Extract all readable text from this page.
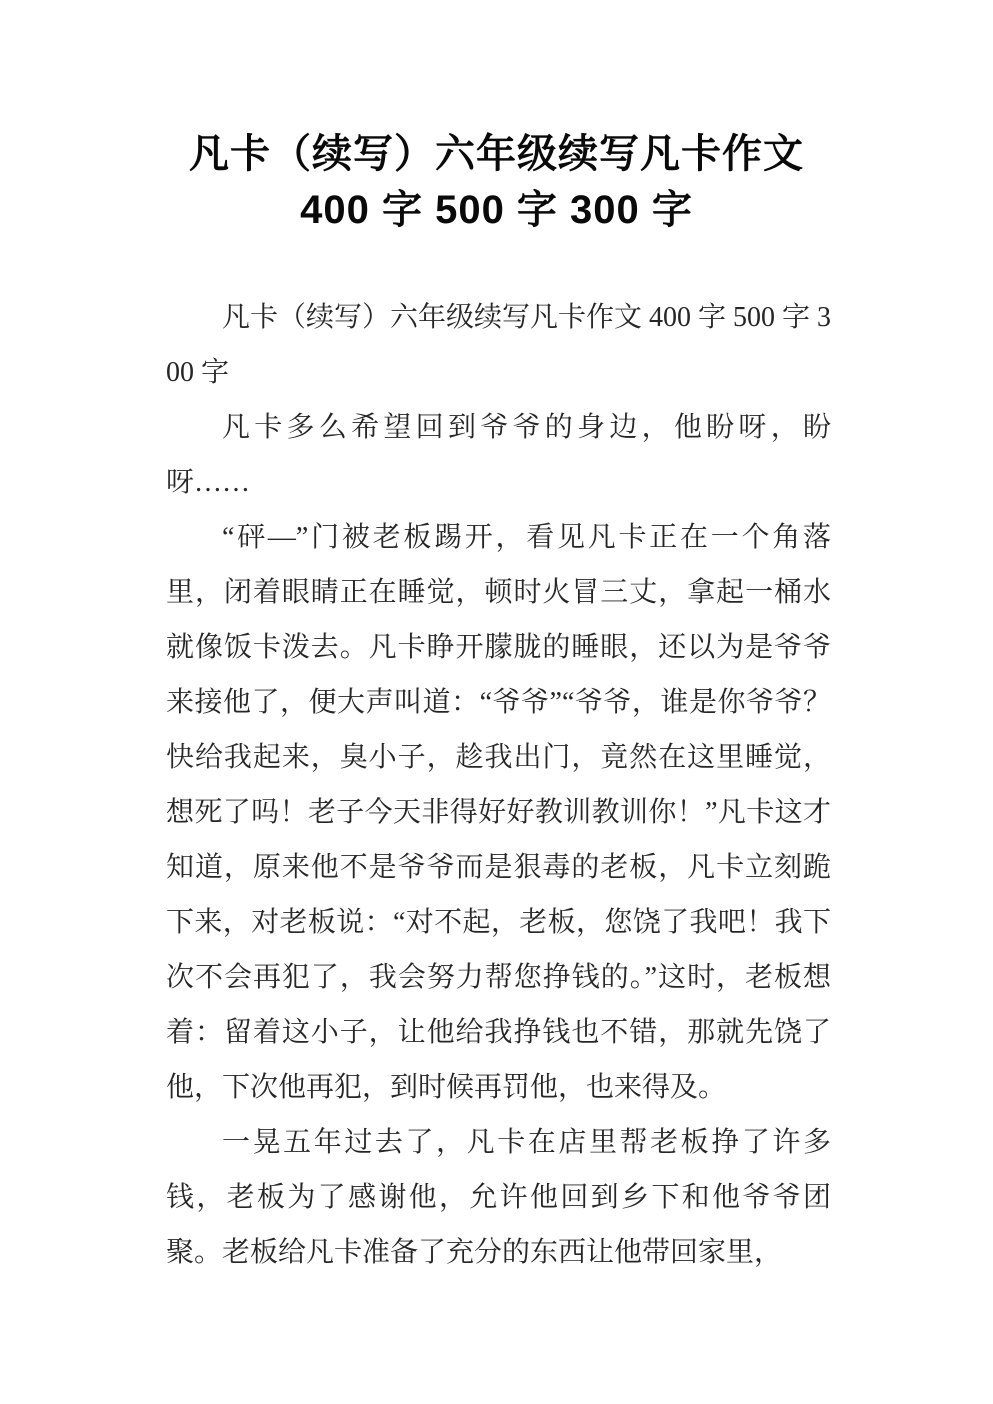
凡卡（续写）六年级续写凡卡作文
400 字 500 字 300 字

凡卡（续写）六年级续写凡卡作文 400 字 500 字 300 字

凡卡多么希望回到爷爷的身边，他盼呀，盼呀……

“砰—”门被老板踢开，看见凡卡正在一个角落里，闭着眼睛正在睡觉，顿时火冒三丈，拿起一桶水就像饭卡泼去。凡卡睁开朦胧的睡眼，还以为是爷爷来接他了，便大声叫道：“爷爷”“爷爷，谁是你爷爷？快给我起来，臭小子，趁我出门，竟然在这里睡觉，想死了吗！老子今天非得好好教训教训你！”凡卡这才知道，原来他不是爷爷而是狠毒的老板，凡卡立刻跪下来，对老板说：“对不起，老板，您饶了我吧！我下次不会再犯了，我会努力帮您挣钱的。”这时，老板想着：留着这小子，让他给我挣钱也不错，那就先饶了他，下次他再犯，到时候再罚他，也来得及。

一晃五年过去了，凡卡在店里帮老板挣了许多钱，老板为了感谢他，允许他回到乡下和他爷爷团聚。老板给凡卡准备了充分的东西让他带回家里，
